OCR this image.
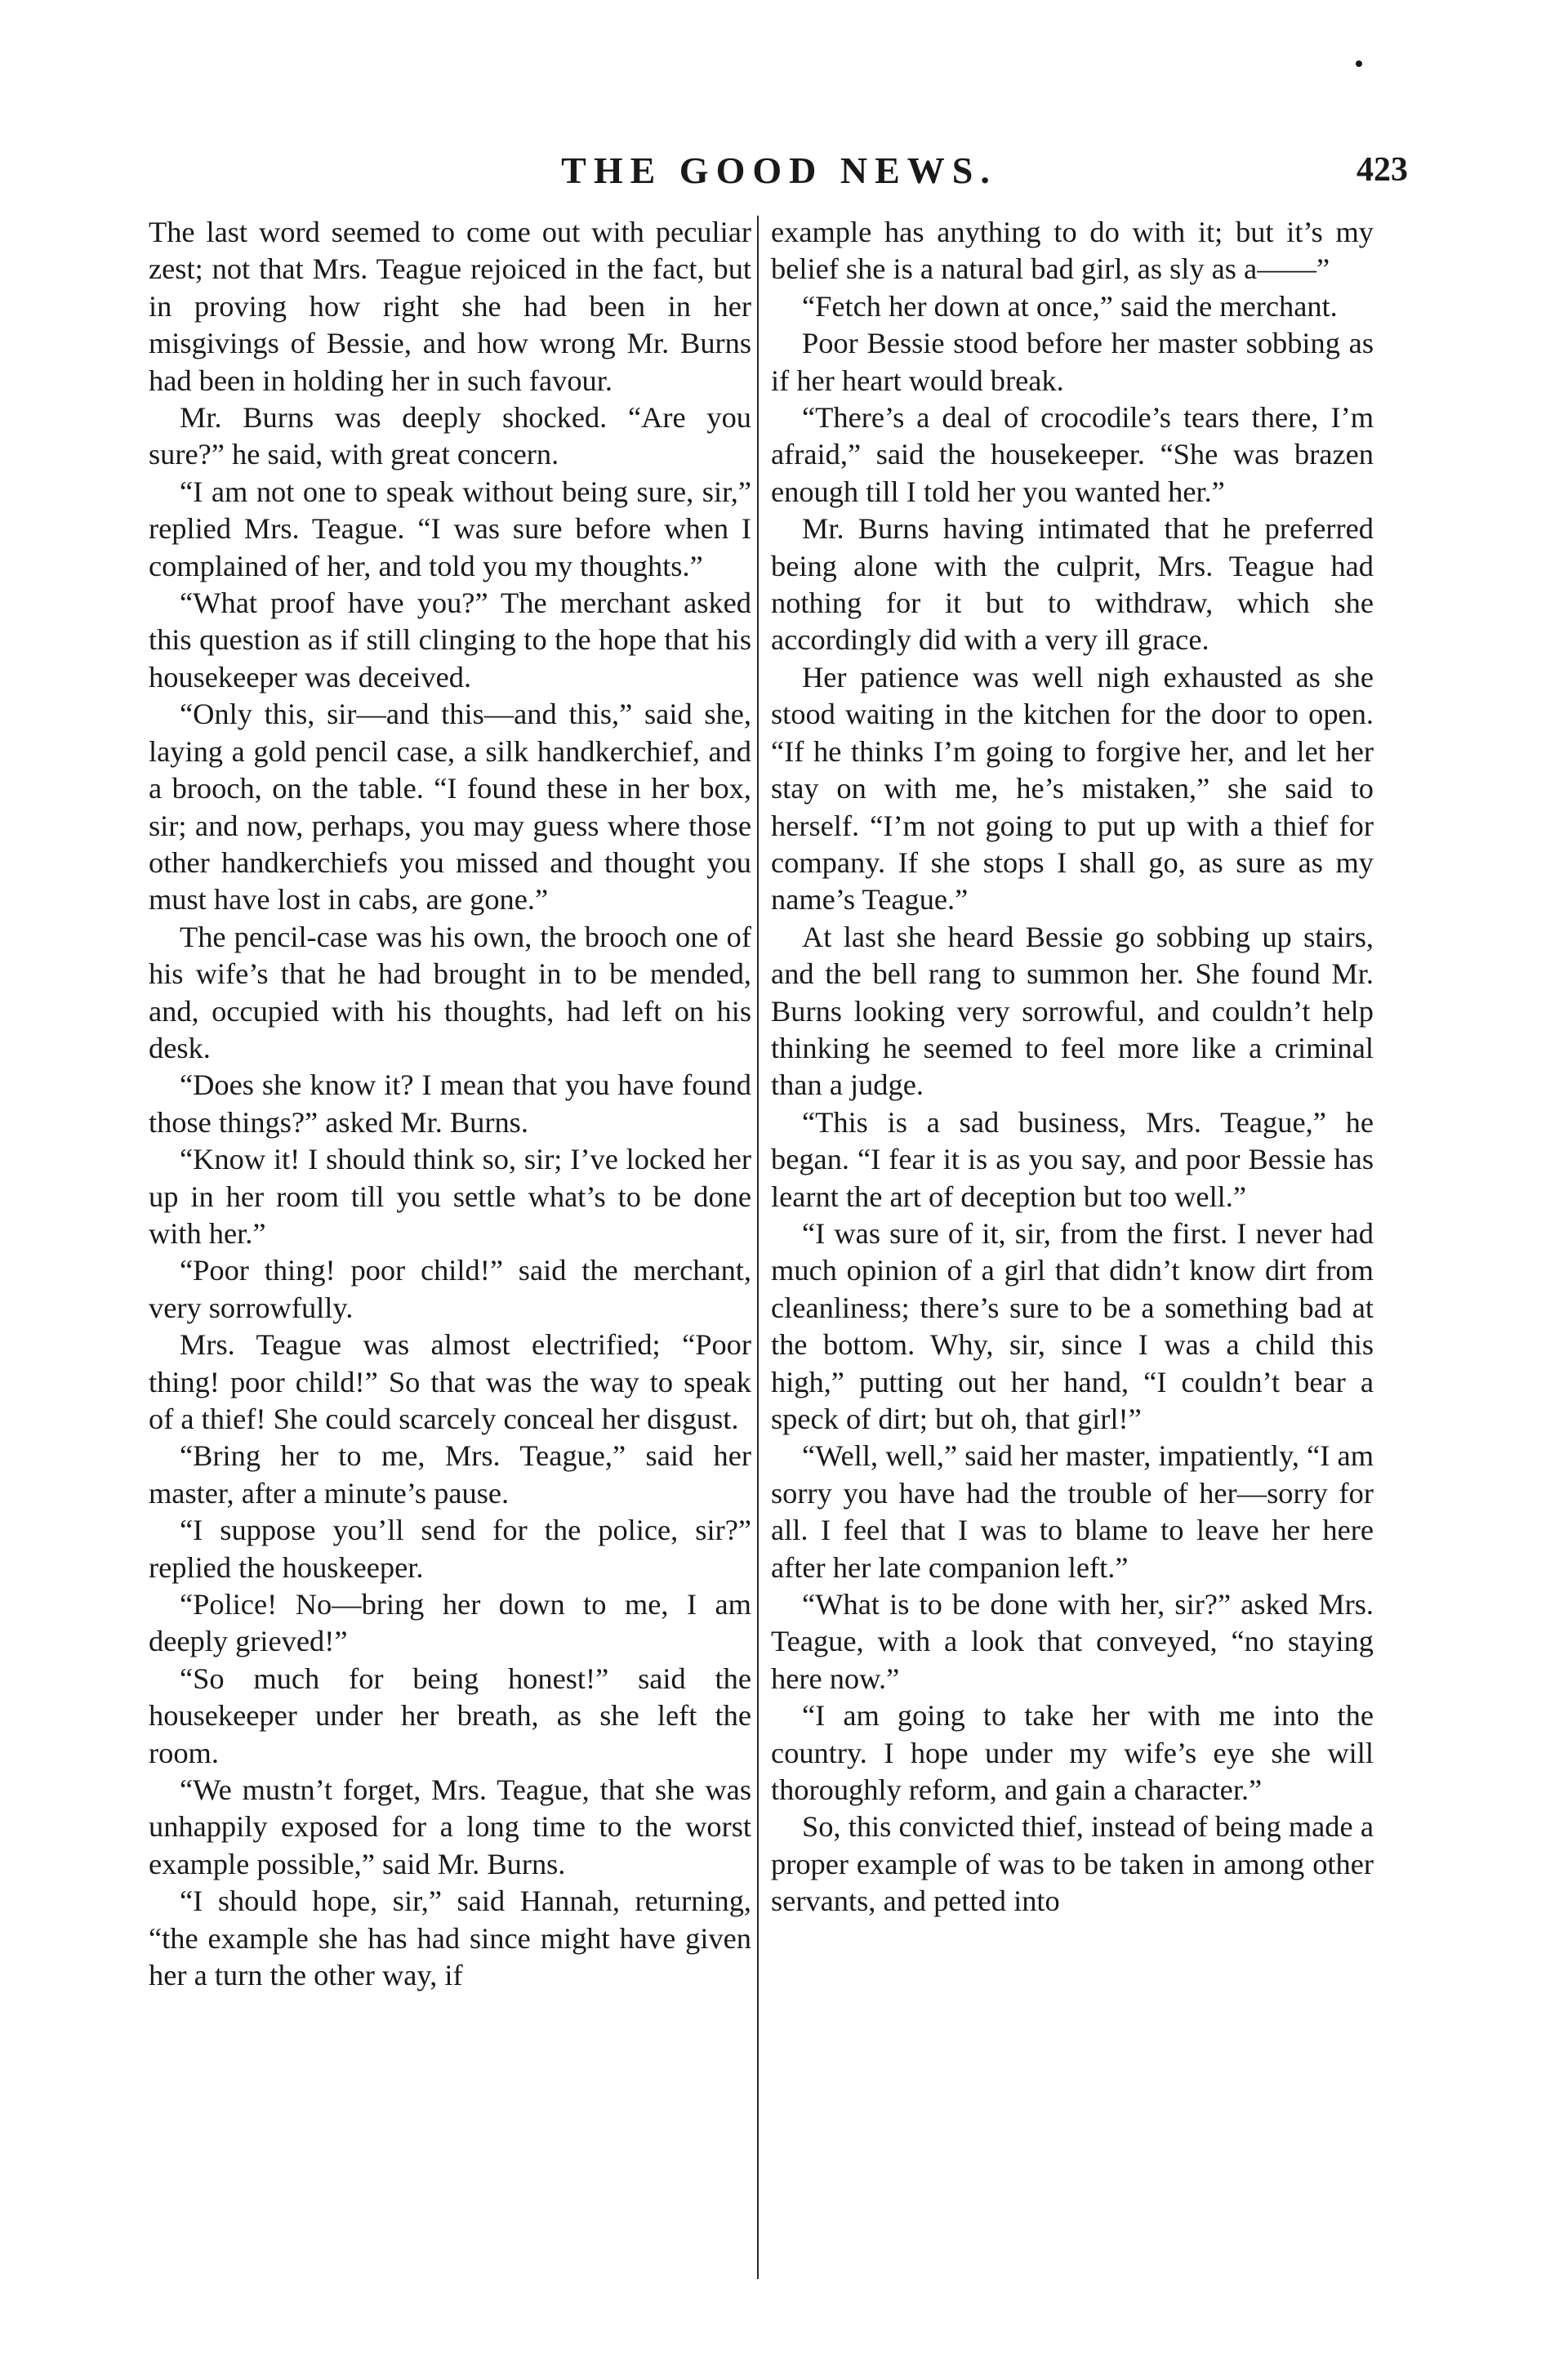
THE GOOD NEWS.	423

The last word seemed to come out with peculiar zest; not that Mrs. Teague rejoiced in the fact, but in proving how right she had been in her misgivings of Bessie, and how wrong Mr. Burns had been in holding her in such favour.

Mr. Burns was deeply shocked. “Are you sure?” he said, with great concern.

“I am not one to speak without being sure, sir,” replied Mrs. Teague. “I was sure before when I complained of her, and told you my thoughts.”

“What proof have you?” The merchant asked this question as if still clinging to the hope that his housekeeper was deceived.

“Only this, sir—and this—and this,” said she, laying a gold pencil case, a silk handkerchief, and a brooch, on the table. “I found these in her box, sir; and now, perhaps, you may guess where those other handkerchiefs you missed and thought you must have lost in cabs, are gone.”

The pencil-case was his own, the brooch one of his wife’s that he had brought in to be mended, and, occupied with his thoughts, had left on his desk.

“Does she know it? I mean that you have found those things?” asked Mr. Burns.

“Know it! I should think so, sir; I’ve locked her up in her room till you settle what’s to be done with her.”

“Poor thing! poor child!” said the merchant, very sorrowfully.

Mrs. Teague was almost electrified; “Poor thing! poor child!” So that was the way to speak of a thief! She could scarcely conceal her disgust.

“Bring her to me, Mrs. Teague,” said her master, after a minute’s pause.

“I suppose you’ll send for the police, sir?” replied the houskeeper.

“Police! No—bring her down to me, I am deeply grieved!”

“So much for being honest!” said the housekeeper under her breath, as she left the room.

“We mustn’t forget, Mrs. Teague, that she was unhappily exposed for a long time to the worst example possible,” said Mr. Burns.

“I should hope, sir,” said Hannah, returning, “the example she has had since might have given her a turn the other way, if

example has anything to do with it; but it’s my belief she is a natural bad girl, as sly as a——”

“Fetch her down at once,” said the merchant.

Poor Bessie stood before her master sobbing as if her heart would break.

“There’s a deal of crocodile’s tears there, I’m afraid,” said the housekeeper. “She was brazen enough till I told her you wanted her.”

Mr. Burns having intimated that he preferred being alone with the culprit, Mrs. Teague had nothing for it but to withdraw, which she accordingly did with a very ill grace.

Her patience was well nigh exhausted as she stood waiting in the kitchen for the door to open. “If he thinks I’m going to forgive her, and let her stay on with me, he’s mistaken,” she said to herself. “I’m not going to put up with a thief for company. If she stops I shall go, as sure as my name’s Teague.”

At last she heard Bessie go sobbing up stairs, and the bell rang to summon her. She found Mr. Burns looking very sorrowful, and couldn’t help thinking he seemed to feel more like a criminal than a judge.

“This is a sad business, Mrs. Teague,” he began. “I fear it is as you say, and poor Bessie has learnt the art of deception but too well.”

“I was sure of it, sir, from the first. I never had much opinion of a girl that didn’t know dirt from cleanliness; there’s sure to be a something bad at the bottom. Why, sir, since I was a child this high,” putting out her hand, “I couldn’t bear a speck of dirt; but oh, that girl!”

“Well, well,” said her master, impatiently, “I am sorry you have had the trouble of her—sorry for all. I feel that I was to blame to leave her here after her late companion left.”

“What is to be done with her, sir?” asked Mrs. Teague, with a look that conveyed, “no staying here now.”

“I am going to take her with me into the country. I hope under my wife’s eye she will thoroughly reform, and gain a character.”

So, this convicted thief, instead of being made a proper example of was to be taken in among other servants, and petted into
